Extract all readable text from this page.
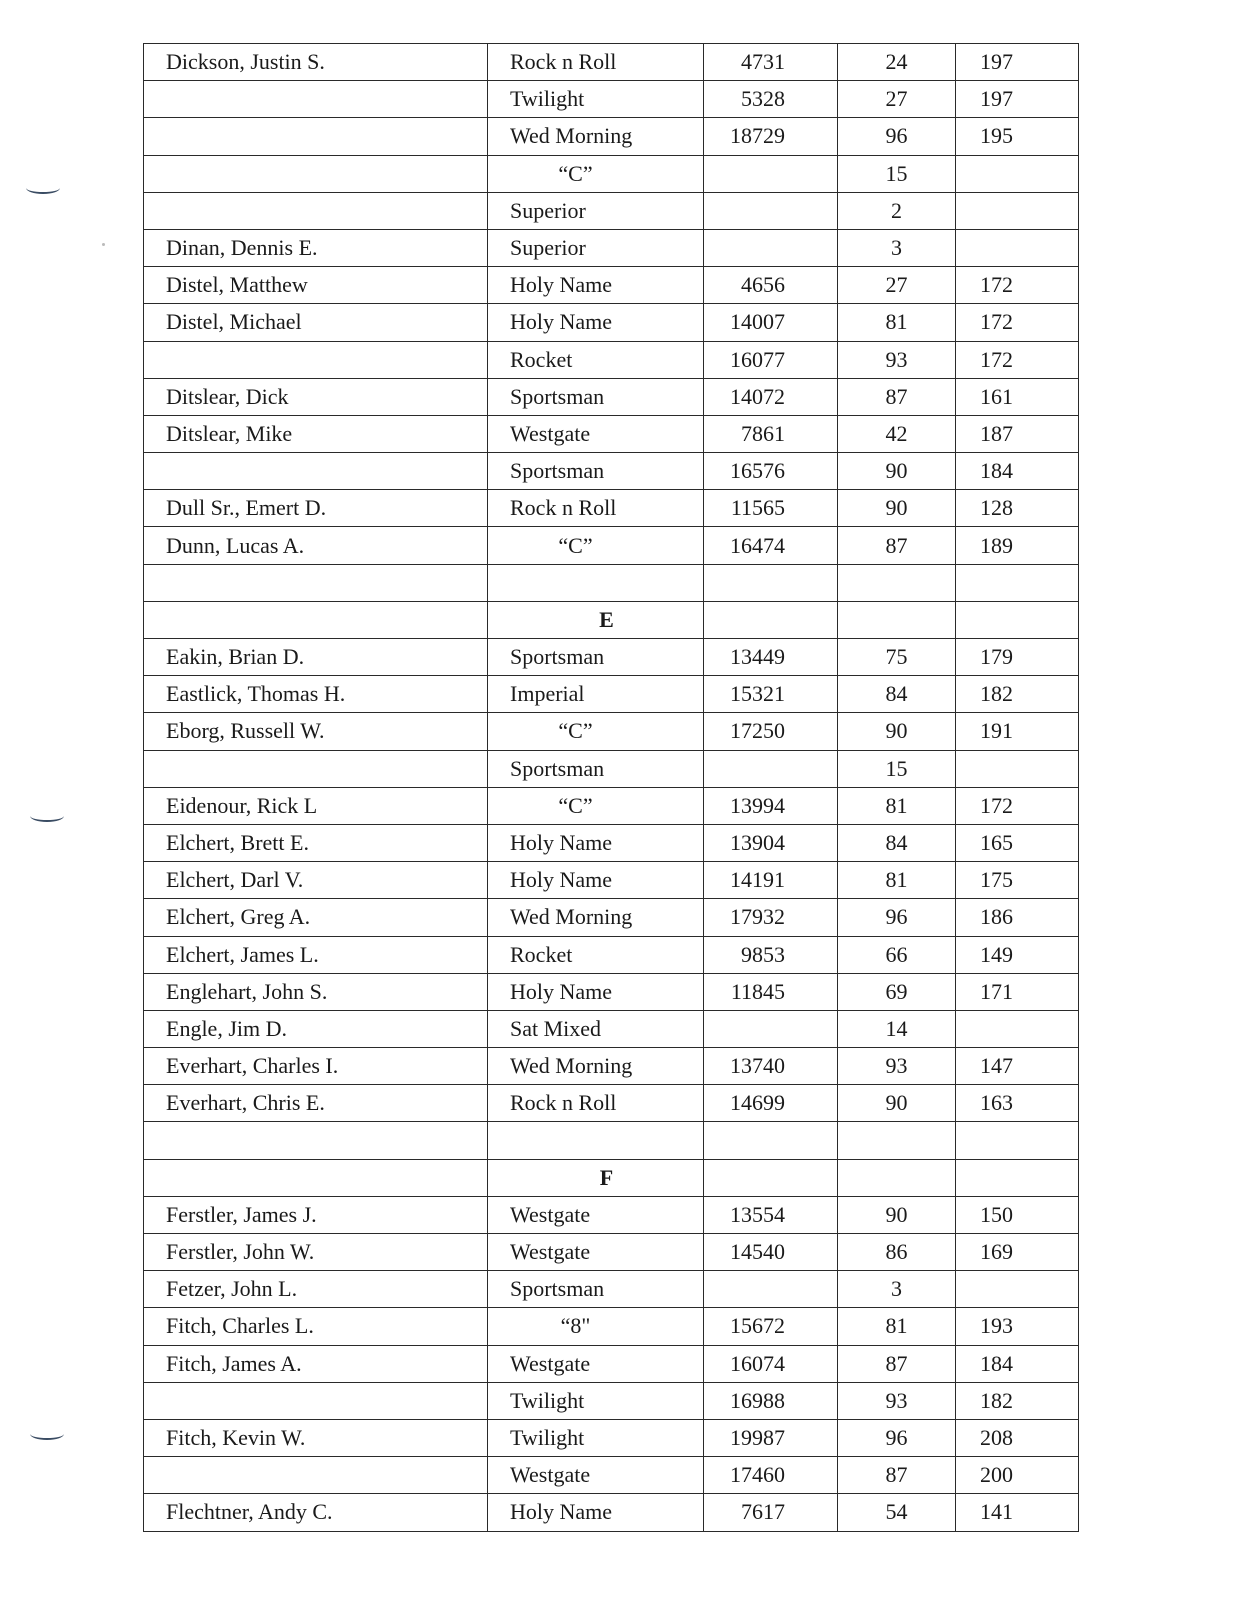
Dickson, Justin S.	Rock n Roll	4731	24	197
	Twilight	5328	27	197
	Wed Morning	18729	96	195
	“C”		15	
	Superior		2	
Dinan, Dennis E.	Superior		3	
Distel, Matthew	Holy Name	4656	27	172
Distel, Michael	Holy Name	14007	81	172
	Rocket	16077	93	172
Ditslear, Dick	Sportsman	14072	87	161
Ditslear, Mike	Westgate	7861	42	187
	Sportsman	16576	90	184
Dull Sr., Emert D.	Rock n Roll	11565	90	128
Dunn, Lucas A.	“C”	16474	87	189

	E			
Eakin, Brian D.	Sportsman	13449	75	179
Eastlick, Thomas H.	Imperial	15321	84	182
Eborg, Russell W.	“C”	17250	90	191
	Sportsman		15	
Eidenour, Rick L	“C”	13994	81	172
Elchert, Brett E.	Holy Name	13904	84	165
Elchert, Darl V.	Holy Name	14191	81	175
Elchert, Greg A.	Wed Morning	17932	96	186
Elchert, James L.	Rocket	9853	66	149
Englehart, John S.	Holy Name	11845	69	171
Engle, Jim D.	Sat Mixed		14	
Everhart, Charles I.	Wed Morning	13740	93	147
Everhart, Chris E.	Rock n Roll	14699	90	163

	F			
Ferstler, James J.	Westgate	13554	90	150
Ferstler, John W.	Westgate	14540	86	169
Fetzer, John L.	Sportsman		3	
Fitch, Charles L.	“8"	15672	81	193
Fitch, James A.	Westgate	16074	87	184
	Twilight	16988	93	182
Fitch, Kevin W.	Twilight	19987	96	208
	Westgate	17460	87	200
Flechtner, Andy C.	Holy Name	7617	54	141
